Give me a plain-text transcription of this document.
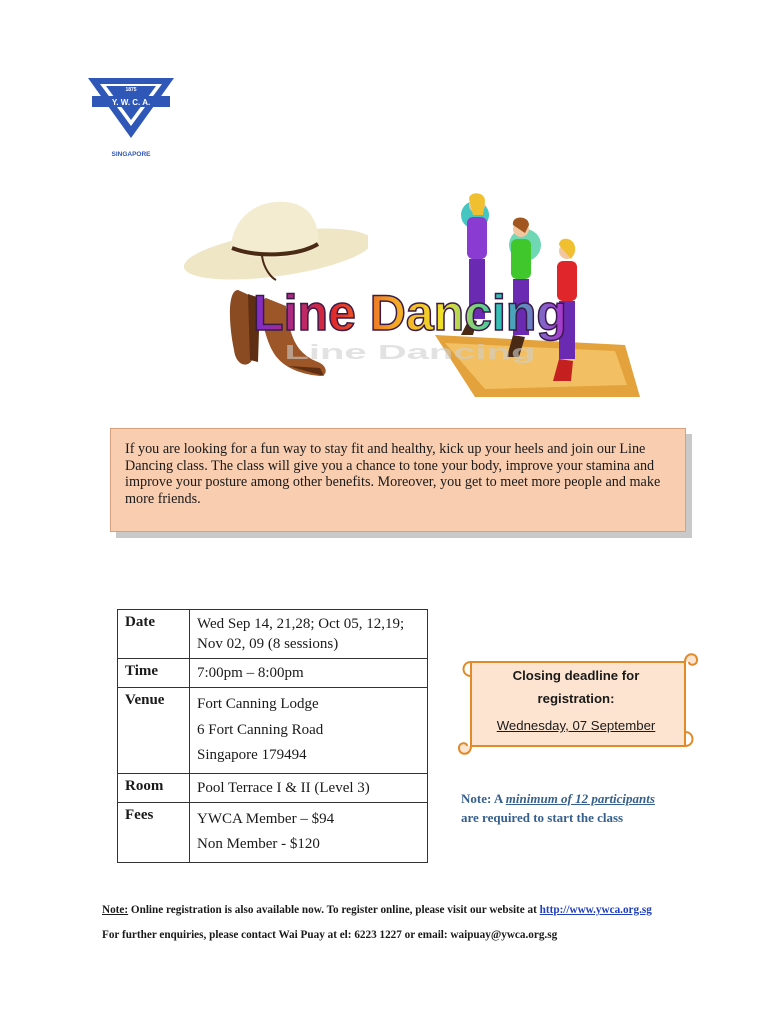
Y. W. C. A.
1875
SINGAPORE
Line Dancing
Line Dancing
If you are looking for a fun way to stay fit and healthy, kick up your heels and join our Line Dancing class. The class will give you a chance to tone your body, improve your stamina and improve your posture among other benefits. Moreover, you get to meet more people and make more friends.
Date	Wed Sep 14, 21,28; Oct 05, 12,19;
Nov 02, 09 (8 sessions)

Time	7:00pm – 8:00pm

Venue	Fort Canning Lodge
6 Fort Canning Road
Singapore 179494

Room	Pool Terrace I & II (Level 3)

Fees	YWCA Member – $94
Non Member - $120
Closing deadline for
registration:
Wednesday, 07 September
Note: A minimum of 12 participants
are required to start the class
Note: Online registration is also available now. To register online, please visit our website at http://www.ywca.org.sg
For further enquiries, please contact Wai Puay at el: 6223 1227 or email: waipuay@ywca.org.sg
